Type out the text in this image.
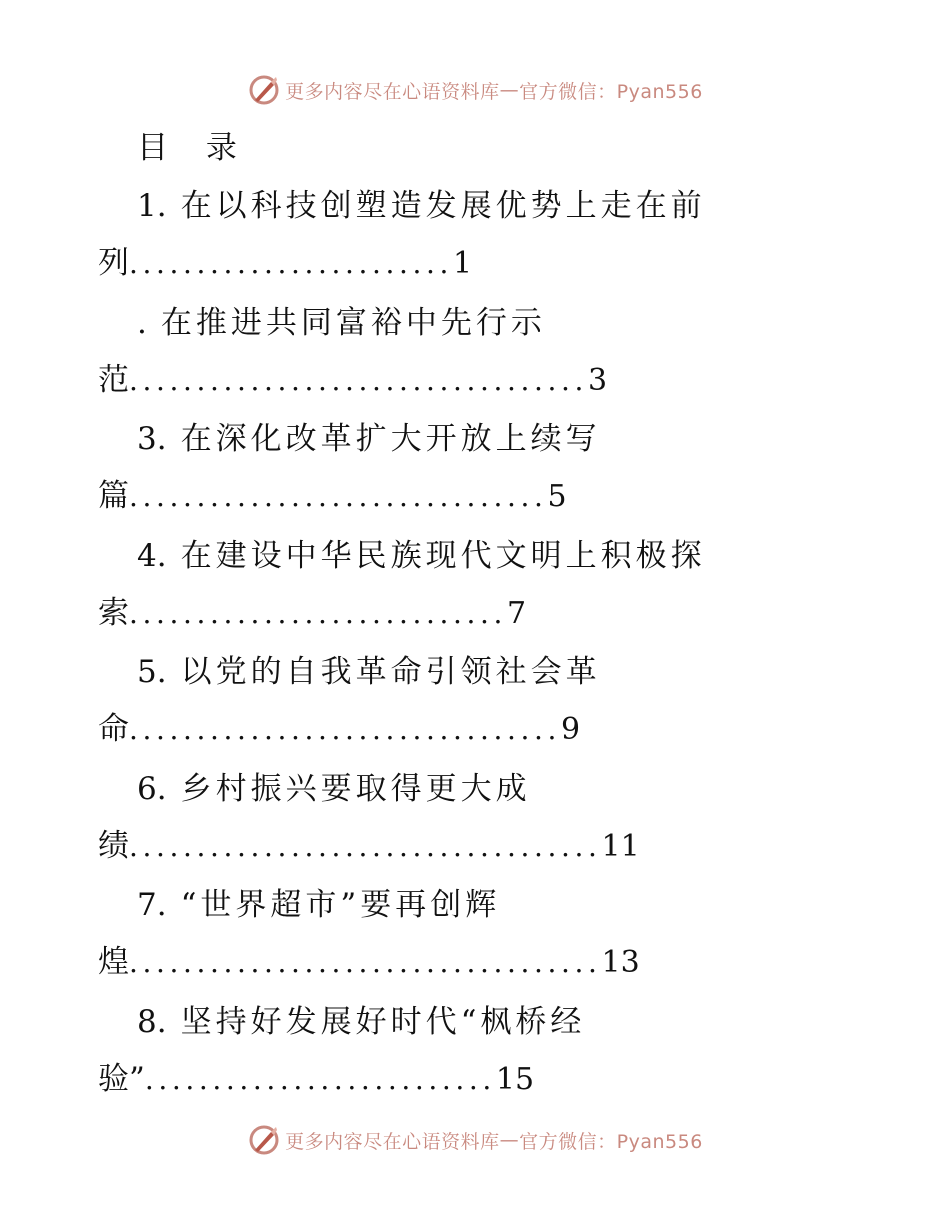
更多内容尽在心语资料库 — 官方微信：Pyan556
目 录
1. 在以科技创塑造发展优势上走在前
列........................1
. 在推进共同富裕中先行示
范..................................3
3. 在深化改革扩大开放上续写
篇...............................5
4. 在建设中华民族现代文明上积极探
索............................7
5. 以党的自我革命引领社会革
命................................9
6. 乡村振兴要取得更大成
绩...................................11
7. “世界超市”要再创辉
煌...................................13
8. 坚持好发展好时代“枫桥经
验”..........................15
更多内容尽在心语资料库 — 官方微信：Pyan556
